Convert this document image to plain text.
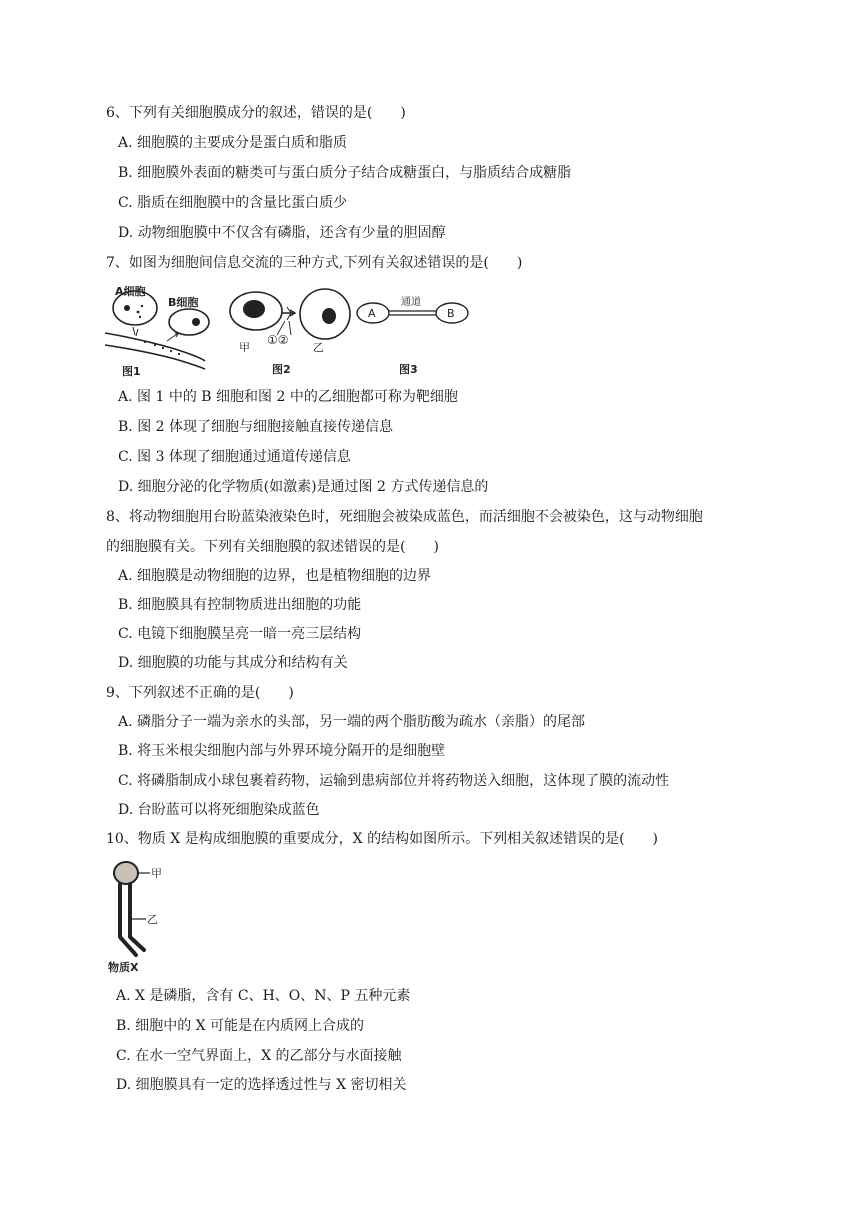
6、下列有关细胞膜成分的叙述，错误的是(　　)
A. 细胞膜的主要成分是蛋白质和脂质
B. 细胞膜外表面的糖类可与蛋白质分子结合成糖蛋白，与脂质结合成糖脂
C. 脂质在细胞膜中的含量比蛋白质少
D. 动物细胞膜中不仅含有磷脂，还含有少量的胆固醇
7、如图为细胞间信息交流的三种方式,下列有关叙述错误的是(　　)
A细胞
B细胞
图1
①②
甲	乙
图2
A	B
通道
图3
A. 图 1 中的 B 细胞和图 2 中的乙细胞都可称为靶细胞
B. 图 2 体现了细胞与细胞接触直接传递信息
C. 图 3 体现了细胞通过通道传递信息
D. 细胞分泌的化学物质(如激素)是通过图 2 方式传递信息的
8、将动物细胞用台盼蓝染液染色时，死细胞会被染成蓝色，而活细胞不会被染色，这与动物细胞
的细胞膜有关。下列有关细胞膜的叙述错误的是(　　)
A. 细胞膜是动物细胞的边界，也是植物细胞的边界
B. 细胞膜具有控制物质进出细胞的功能
C. 电镜下细胞膜呈亮一暗一亮三层结构
D. 细胞膜的功能与其成分和结构有关
9、下列叙述不正确的是(　　)
A. 磷脂分子一端为亲水的头部，另一端的两个脂肪酸为疏水（亲脂）的尾部
B. 将玉米根尖细胞内部与外界环境分隔开的是细胞壁
C. 将磷脂制成小球包裹着药物，运输到患病部位并将药物送入细胞，这体现了膜的流动性
D. 台盼蓝可以将死细胞染成蓝色
10、物质 X 是构成细胞膜的重要成分，X 的结构如图所示。下列相关叙述错误的是(　　)
甲
乙
物质X
A. X 是磷脂，含有 C、H、O、N、P 五种元素
B. 细胞中的 X 可能是在内质网上合成的
C. 在水一空气界面上，X 的乙部分与水面接触
D. 细胞膜具有一定的选择透过性与 X 密切相关
